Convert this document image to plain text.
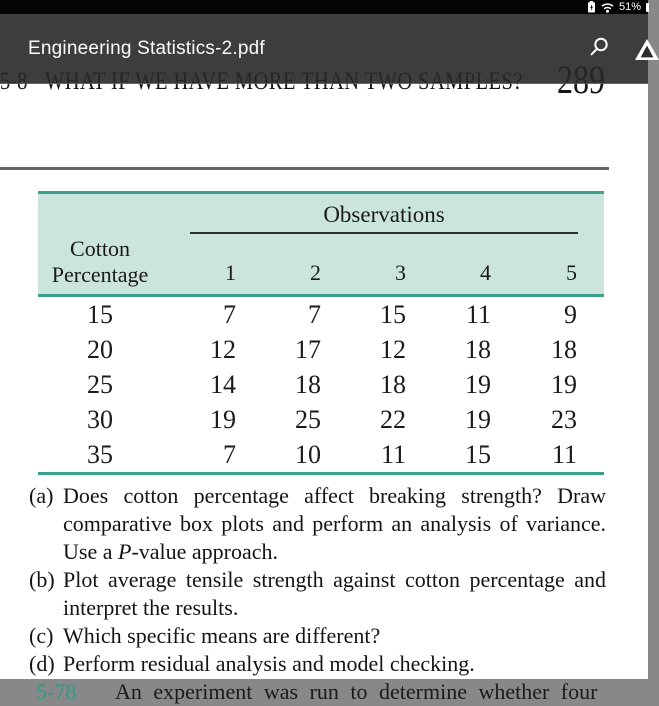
51%
Cotton
Percentage	Observations				

	1	2	3	4	5
15	7	7	15	11	9
20	12	17	12	18	18
25	14	18	18	19	19
30	19	25	22	19	23
35	7	10	11	15	11
(a) Does cotton percentage affect breaking strength? Draw comparative box plots and perform an analysis of variance. Use a P-value approach.
(b) Plot average tensile strength against cotton percentage and interpret the results.
(c) Which specific means are different?
(d) Perform residual analysis and model checking.
5-78	An experiment was run to determine whether four
Engineering Statistics-2.pdf
